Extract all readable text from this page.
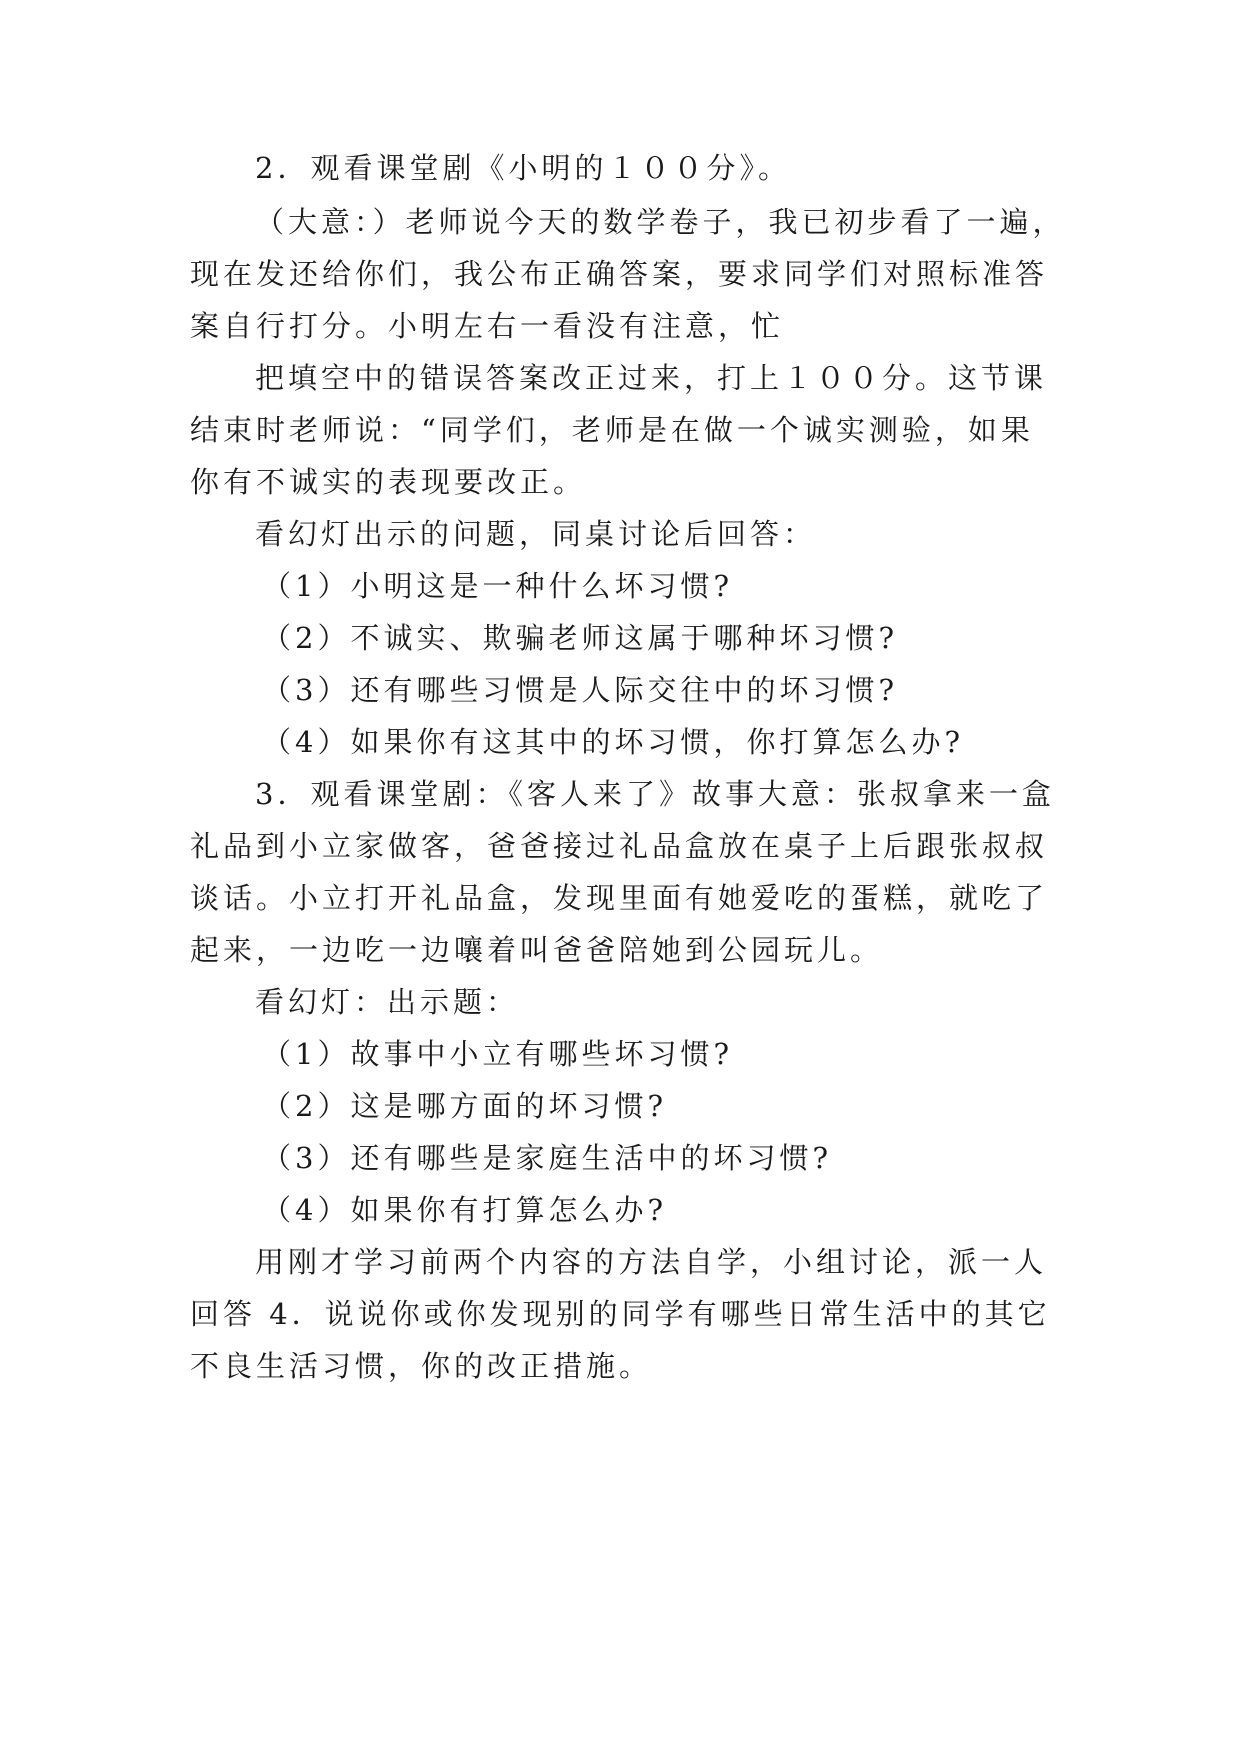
2．观看课堂剧《小明的１００分》。
（大意：）老师说今天的数学卷子，我已初步看了一遍，
现在发还给你们，我公布正确答案，要求同学们对照标准答
案自行打分。小明左右一看没有注意，忙
把填空中的错误答案改正过来，打上１００分。这节课
结束时老师说：“同学们，老师是在做一个诚实测验，如果
你有不诚实的表现要改正。
看幻灯出示的问题，同桌讨论后回答：
（1）小明这是一种什么坏习惯?
（2）不诚实、欺骗老师这属于哪种坏习惯?
（3）还有哪些习惯是人际交往中的坏习惯?
（4）如果你有这其中的坏习惯，你打算怎么办?
3．观看课堂剧：《客人来了》故事大意：张叔拿来一盒
礼品到小立家做客，爸爸接过礼品盒放在桌子上后跟张叔叔
谈话。小立打开礼品盒，发现里面有她爱吃的蛋糕，就吃了
起来，一边吃一边嚷着叫爸爸陪她到公园玩儿。
看幻灯：出示题：
（1）故事中小立有哪些坏习惯?
（2）这是哪方面的坏习惯?
（3）还有哪些是家庭生活中的坏习惯?
（4）如果你有打算怎么办?
用刚才学习前两个内容的方法自学，小组讨论，派一人
回答 4．说说你或你发现别的同学有哪些日常生活中的其它
不良生活习惯，你的改正措施。
